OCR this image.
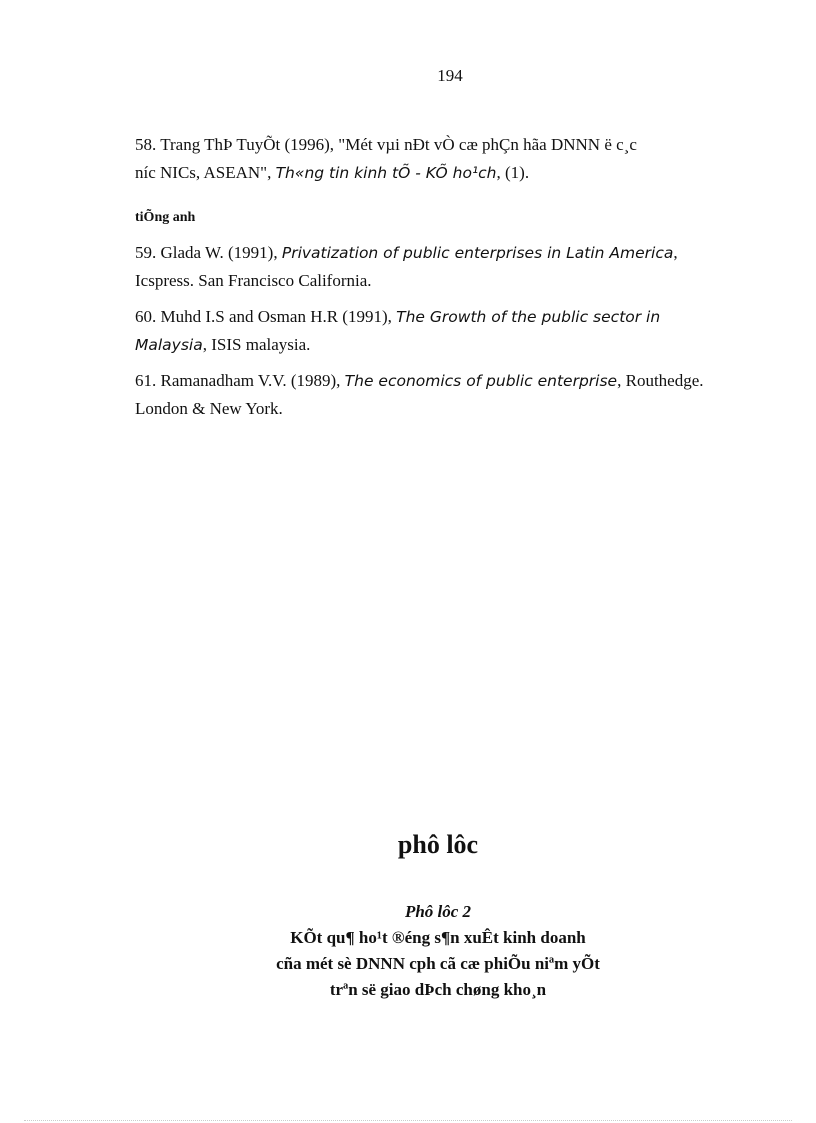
194
58. Trang ThÞ TuyÕt (1996), "Mét vµi nÐt vÒ cæ phÇn hãa DNNN ë c¸c
níc NICs, ASEAN", Th«ng tin kinh tÕ - KÕ ho¹ch, (1).
tiÕng anh
59. Glada W. (1991), Privatization of public enterprises in Latin America,
Icspress. San Francisco California.
60. Muhd I.S and Osman H.R (1991), The Growth of the public sector in
Malaysia, ISIS malaysia.
61. Ramanadham V.V. (1989), The economics of public enterprise, Routhedge.
London & New York.
phô lôc
Phô lôc 2
KÕt qu¶ ho¹t ®éng s¶n xuÊt kinh doanh
cña mét sè DNNN cph cã cæ phiÕu niªm yÕt
trªn së giao dÞch chøng kho¸n
